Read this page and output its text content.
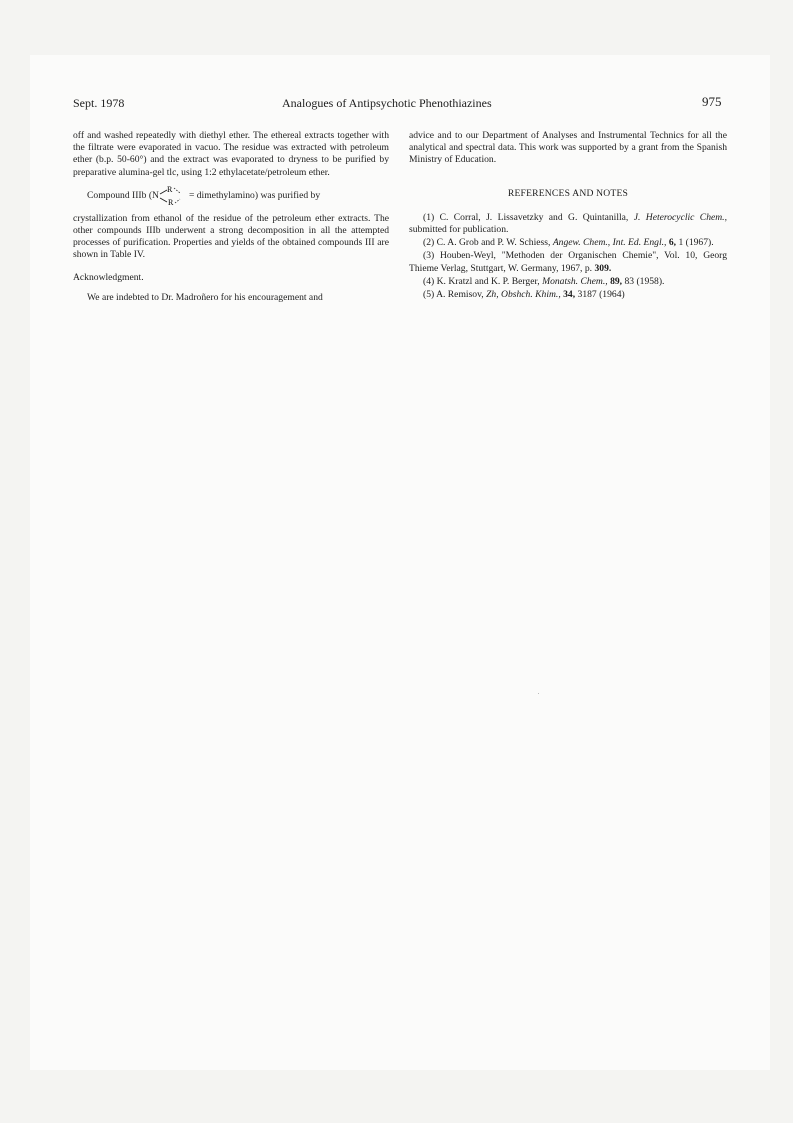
Sept. 1978	Analogues of Antipsychotic Phenothiazines	975

off and washed repeatedly with diethyl ether. The ethereal extracts together with the filtrate were evaporated in vacuo. The residue was extracted with petroleum ether (b.p. 50-60°) and the extract was evaporated to dryness to be purified by preparative alumina-gel tlc, using 1:2 ethylacetate/petroleum ether.

Compound IIIb (N
R
R
= dimethylamino) was purified by

crystallization from ethanol of the residue of the petroleum ether extracts. The other compounds IIIb underwent a strong decomposition in all the attempted processes of purification. Properties and yields of the obtained compounds III are shown in Table IV.

Acknowledgment.

We are indebted to Dr. Madroñero for his encouragement and

advice and to our Department of Analyses and Instrumental Technics for all the analytical and spectral data. This work was supported by a grant from the Spanish Ministry of Education.

REFERENCES AND NOTES

(1) C. Corral, J. Lissavetzky and G. Quintanilla, J. Heterocyclic Chem., submitted for publication.

(2) C. A. Grob and P. W. Schiess, Angew. Chem., Int. Ed. Engl., 6, 1 (1967).

(3) Houben-Weyl, "Methoden der Organischen Chemie", Vol. 10, Georg Thieme Verlag, Stuttgart, W. Germany, 1967, p. 309.

(4) K. Kratzl and K. P. Berger, Monatsh. Chem., 89, 83 (1958).

(5) A. Remisov, Zh, Obshch. Khim., 34, 3187 (1964)
